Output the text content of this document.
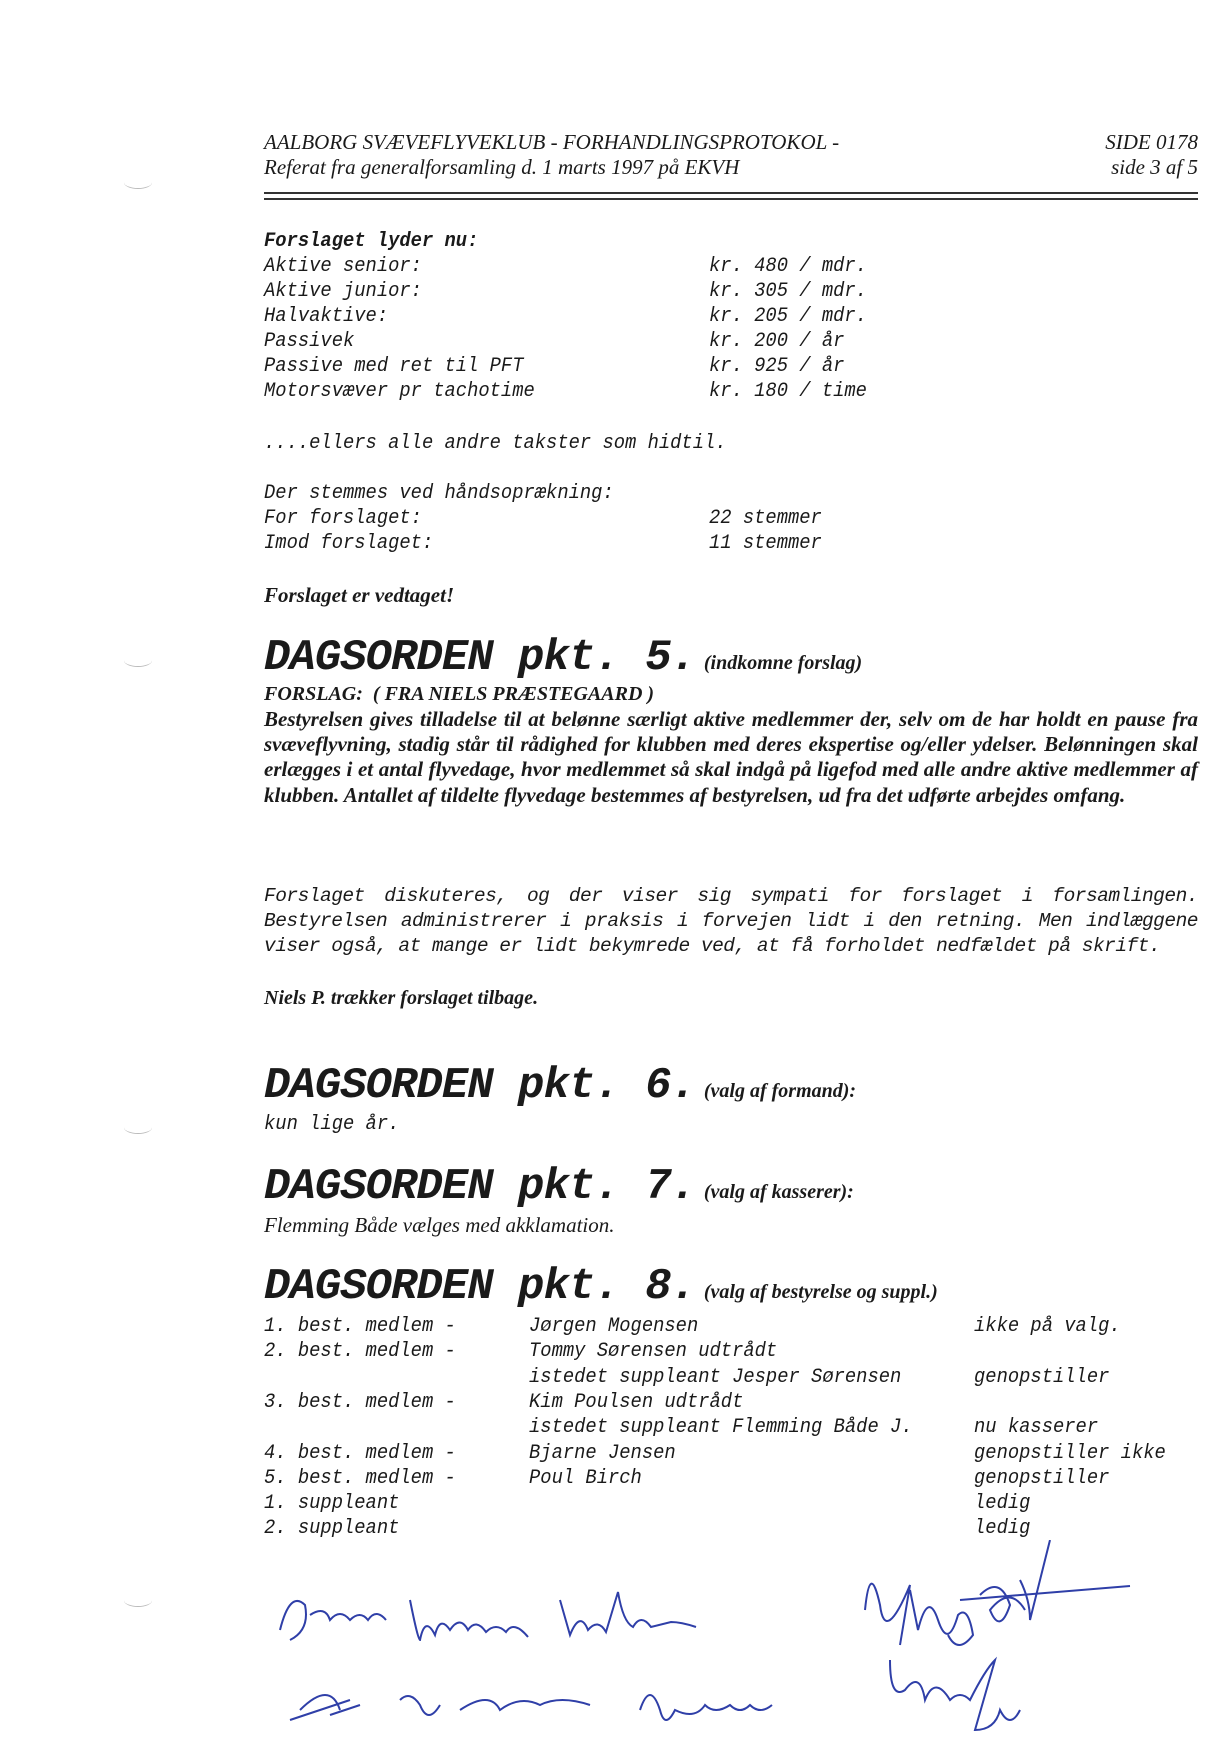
AALBORG SVÆVEFLYVEKLUB - FORHANDLINGSPROTOKOL -
Referat fra generalforsamling d. 1 marts 1997 på EKVH
SIDE 0178
side 3 af 5
Forslaget lyder nu:
....ellers alle andre takster som hidtil.
Der stemmes ved håndsoprækning:
For forslaget:	22 stemmer
Imod forslaget:	11 stemmer
Forslaget er vedtaget!
DAGSORDEN pkt. 5. (indkomne forslag)
FORSLAG:  ( FRA NIELS PRÆSTEGAARD )
Bestyrelsen gives tilladelse til at belønne særligt aktive medlemmer der, selv om de har holdt en pause fra svæveflyvning, stadig står til rådighed for klubben med deres ekspertise og/eller ydelser. Belønningen skal erlægges i et antal flyvedage, hvor medlemmet så skal indgå på ligefod med alle andre aktive medlemmer af klubben. Antallet af tildelte flyvedage bestemmes af bestyrelsen, ud fra det udførte arbejdes omfang.
Forslaget diskuteres, og der viser sig sympati for forslaget i forsamlingen. Bestyrelsen administrerer i praksis i forvejen lidt i den retning. Men indlæggene viser også, at mange er lidt bekymrede ved, at få forholdet nedfældet på skrift.
Niels P. trækker forslaget tilbage.
DAGSORDEN pkt. 6. (valg af formand):
kun lige år.
DAGSORDEN pkt. 7. (valg af kasserer):
Flemming Både vælges med akklamation.
DAGSORDEN pkt. 8. (valg af bestyrelse og suppl.)
Aktive senior:	kr. 480 / mdr.
Aktive junior:	kr. 305 / mdr.
Halvaktive:	kr. 205 / mdr.
Passivek	kr. 200 / år
Passive med ret til PFT	kr. 925 / år
Motorsvæver pr tachotime	kr. 180 / time
1. best. medlem -	Jørgen Mogensen	ikke på valg.
2. best. medlem -	Tommy Sørensen udtrådt
istedet suppleant Jesper Sørensen	genopstiller
3. best. medlem -	Kim Poulsen udtrådt
istedet suppleant Flemming Både J.	nu kasserer
4. best. medlem -	Bjarne Jensen	genopstiller ikke
5. best. medlem -	Poul Birch	genopstiller
1. suppleant	ledig
2. suppleant	ledig
